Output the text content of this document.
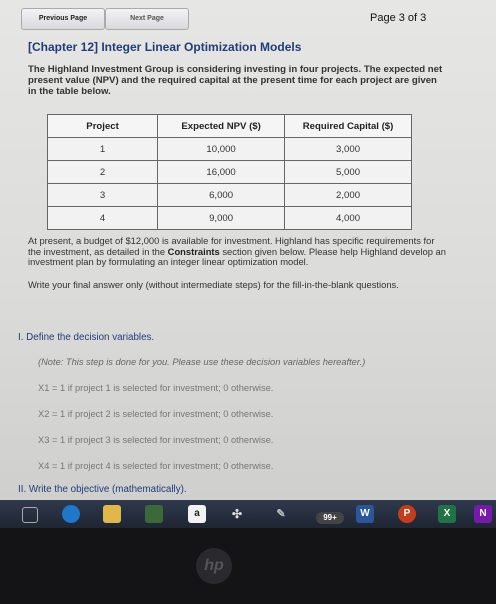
Previous Page	Next Page	Page 3 of 3

[Chapter 12] Integer Linear Optimization Models

The Highland Investment Group is considering investing in four projects. The expected net present value (NPV) and the required capital at the present time for each project are given in the table below.

Project	Expected NPV ($)	Required Capital ($)
1	10,000	3,000
2	16,000	5,000
3	6,000	2,000
4	9,000	4,000

At present, a budget of $12,000 is available for investment. Highland has specific requirements for the investment, as detailed in the Constraints section given below. Please help Highland develop an investment plan by formulating an integer linear optimization model.

Write your final answer only (without intermediate steps) for the fill-in-the-blank questions.

I. Define the decision variables.
(Note: This step is done for you. Please use these decision variables hereafter.)
X1 = 1 if project 1 is selected for investment; 0 otherwise.
X2 = 1 if project 2 is selected for investment; 0 otherwise.
X3 = 1 if project 3 is selected for investment; 0 otherwise.
X4 = 1 if project 4 is selected for investment; 0 otherwise.
II. Write the objective (mathematically).
a	✣	✎	99+	W	P	X	N
hp
